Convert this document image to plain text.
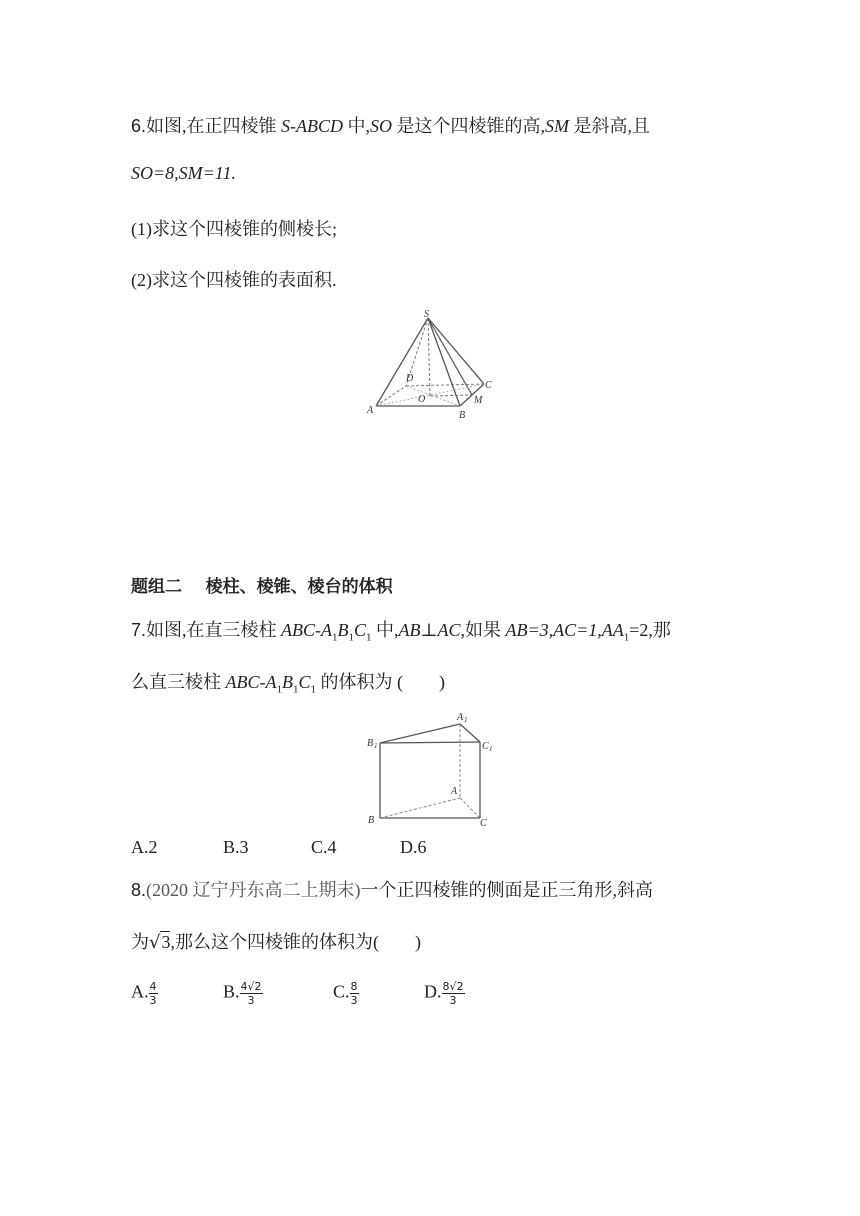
6.如图,在正四棱锥 S-ABCD 中,SO 是这个四棱锥的高,SM 是斜高,且
SO=8,SM=11.
(1)求这个四棱锥的侧棱长;
(2)求这个四棱锥的表面积.
S
D
C
O	M
A	B
题组二    棱柱、棱锥、棱台的体积
7.如图,在直三棱柱 ABC-$A_1B_1C_1$ 中,AB⊥AC,如果 $AB=3,AC=1,AA_1=2$,那
么直三棱柱 ABC-$A_1B_1C_1$ 的体积为 (        )
A 1
B 1	C 1
A
B	C
A.2	B.3	C.4	D.6
8.(2020 辽宁丹东高二上期末)一个正四棱锥的侧面是正三角形,斜高
为√3,那么这个四棱锥的体积为(        )
A. $\frac{4}{3}$	B. $\frac{4√2}{3}$	C. $\frac{8}{3}$	D. $\frac{8√2}{3}$
